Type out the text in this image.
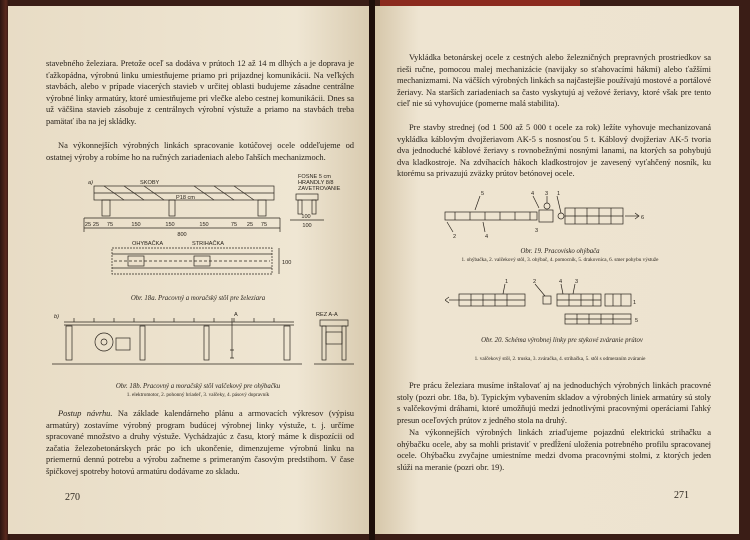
stavebného železiara. Pretože oceľ sa dodáva v prútoch 12 až 14 m dlhých a je doprava je ťažkopádna, výrobnú linku umiestňujeme priamo pri prijazdnej komunikácii. Na veľkých stavbách, alebo v prípade viacerých stavieb v určitej oblasti budujeme zásadne centrálne výrobné linky armatúry, ktoré umiestňujeme pri vlečke alebo cestnej komunikácii. Dnes sa už väčšina stavieb zásobuje z centrálnych výrobní výstuže a priamo na stavbách treba pamätať iba na jej skládky.

Na výkonnejších výrobných linkách spracovanie kotúčovej ocele oddeľujeme od ostatnej výroby a robíme ho na ručných zariadeniach alebo ľahších mechanizmoch.

25 25 75	150	150	150	75 25 75	100
800
100
a)	SKOBY
P18 cm
FOŠNE 5 cm
HRANDLY 8/8
ZAVETROVANIE
OHYBAČKA	STRIHAČKA
100
Obr. 18a. Pracovný a moračský stôl pre železiara
b)	A	REZ A-A
Obr. 18b. Pracovný a moračský stôl valčekový pre ohýbačku
1. elektromotor, 2. pohonný hriadeľ, 3. valčeky, 4. pásový dopravník

Postup návrhu. Na základe kalendárneho plánu a armovacích výkresov (výpisu armatúry) zostavíme výrobný program budúcej výrobnej linky výstuže, t. j. určíme spracované množstvo a druhy výstuže. Vychádzajúc z času, ktorý máme k dispozícii od začatia železobetonárskych prác po ich ukončenie, dimenzujeme výrobnú linku na priemernú dennú potrebu a výrobu začneme s primeraným časovým predstihom. V čase špičkovej spotreby hotovú armatúru dodávame zo skladu.

270

Vykládka betonárskej ocele z cestných alebo železničných prepravných prostriedkov sa rieši ručne, pomocou malej mechanizácie (navijaky so sťahovacími hákmi) alebo ťažšími mechanizmami. Na väčších výrobných linkách sa najčastejšie používajú mostové a portálové žeriavy. Na starších zariadeniach sa často vyskytujú aj vežové žeriavy, ktoré však pre tento cieľ nie sú vyhovujúce (pomerne malá stabilita).

Pre stavby strednej (od 1 500 až 5 000 t ocele za rok) ležíte vyhovuje mechanizovaná vykládka káblovým dvojžeriavom AK-5 s nosnosťou 5 t. Káblový dvojžeriav AK-5 tvoria dva jednoduché káblové žeriavy s rovnobežnými nosnými lanami, na ktorých sa pohybujú dva kladkostroje. Na zdvíhacích hákoch kladkostrojov je zavesený vyťahčený nosník, ku ktorému sa privazujú zväzky prútov betónovej ocele.

5	4 3 1
2
6
3
4
Obr. 19. Pracovisko ohýbača
1. ohýbačka, 2. valčekový stôl, 3. ohýbač, 4. pomocník, 5. drakovnica, 6. smer pohybu výstuže
1	2	4 3
1
5
Obr. 20. Schéma výrobnej linky pre stykové zváranie prútov
1. valčekový stôl, 2. truska, 3. zváračka, 4. strihačka, 5. stôl s odmeraním zváranie

Pre prácu železiara musíme inštalovať aj na jednoduchých výrobných linkách pracovné stoly (pozri obr. 18a, b). Typickým vybavením skladov a výrobných liniek armatúry sú stoly s valčekovými dráhami, ktoré umožňujú medzi jednotlivými pracovnými operáciami ľahký presun oceľových prútov z jedného stola na druhý.

Na výkonnejších výrobných linkách zriaďujeme pojazdnú elektrickú strihačku a ohýbačku ocele, aby sa mohli pristaviť v predĺžení uloženia potrebného profilu spracovanej ocele. Ohýbačku zvyčajne umiestníme medzi dvoma pracovnými stolmi, z ktorých jeden slúži na meranie (pozri obr. 19).

271
